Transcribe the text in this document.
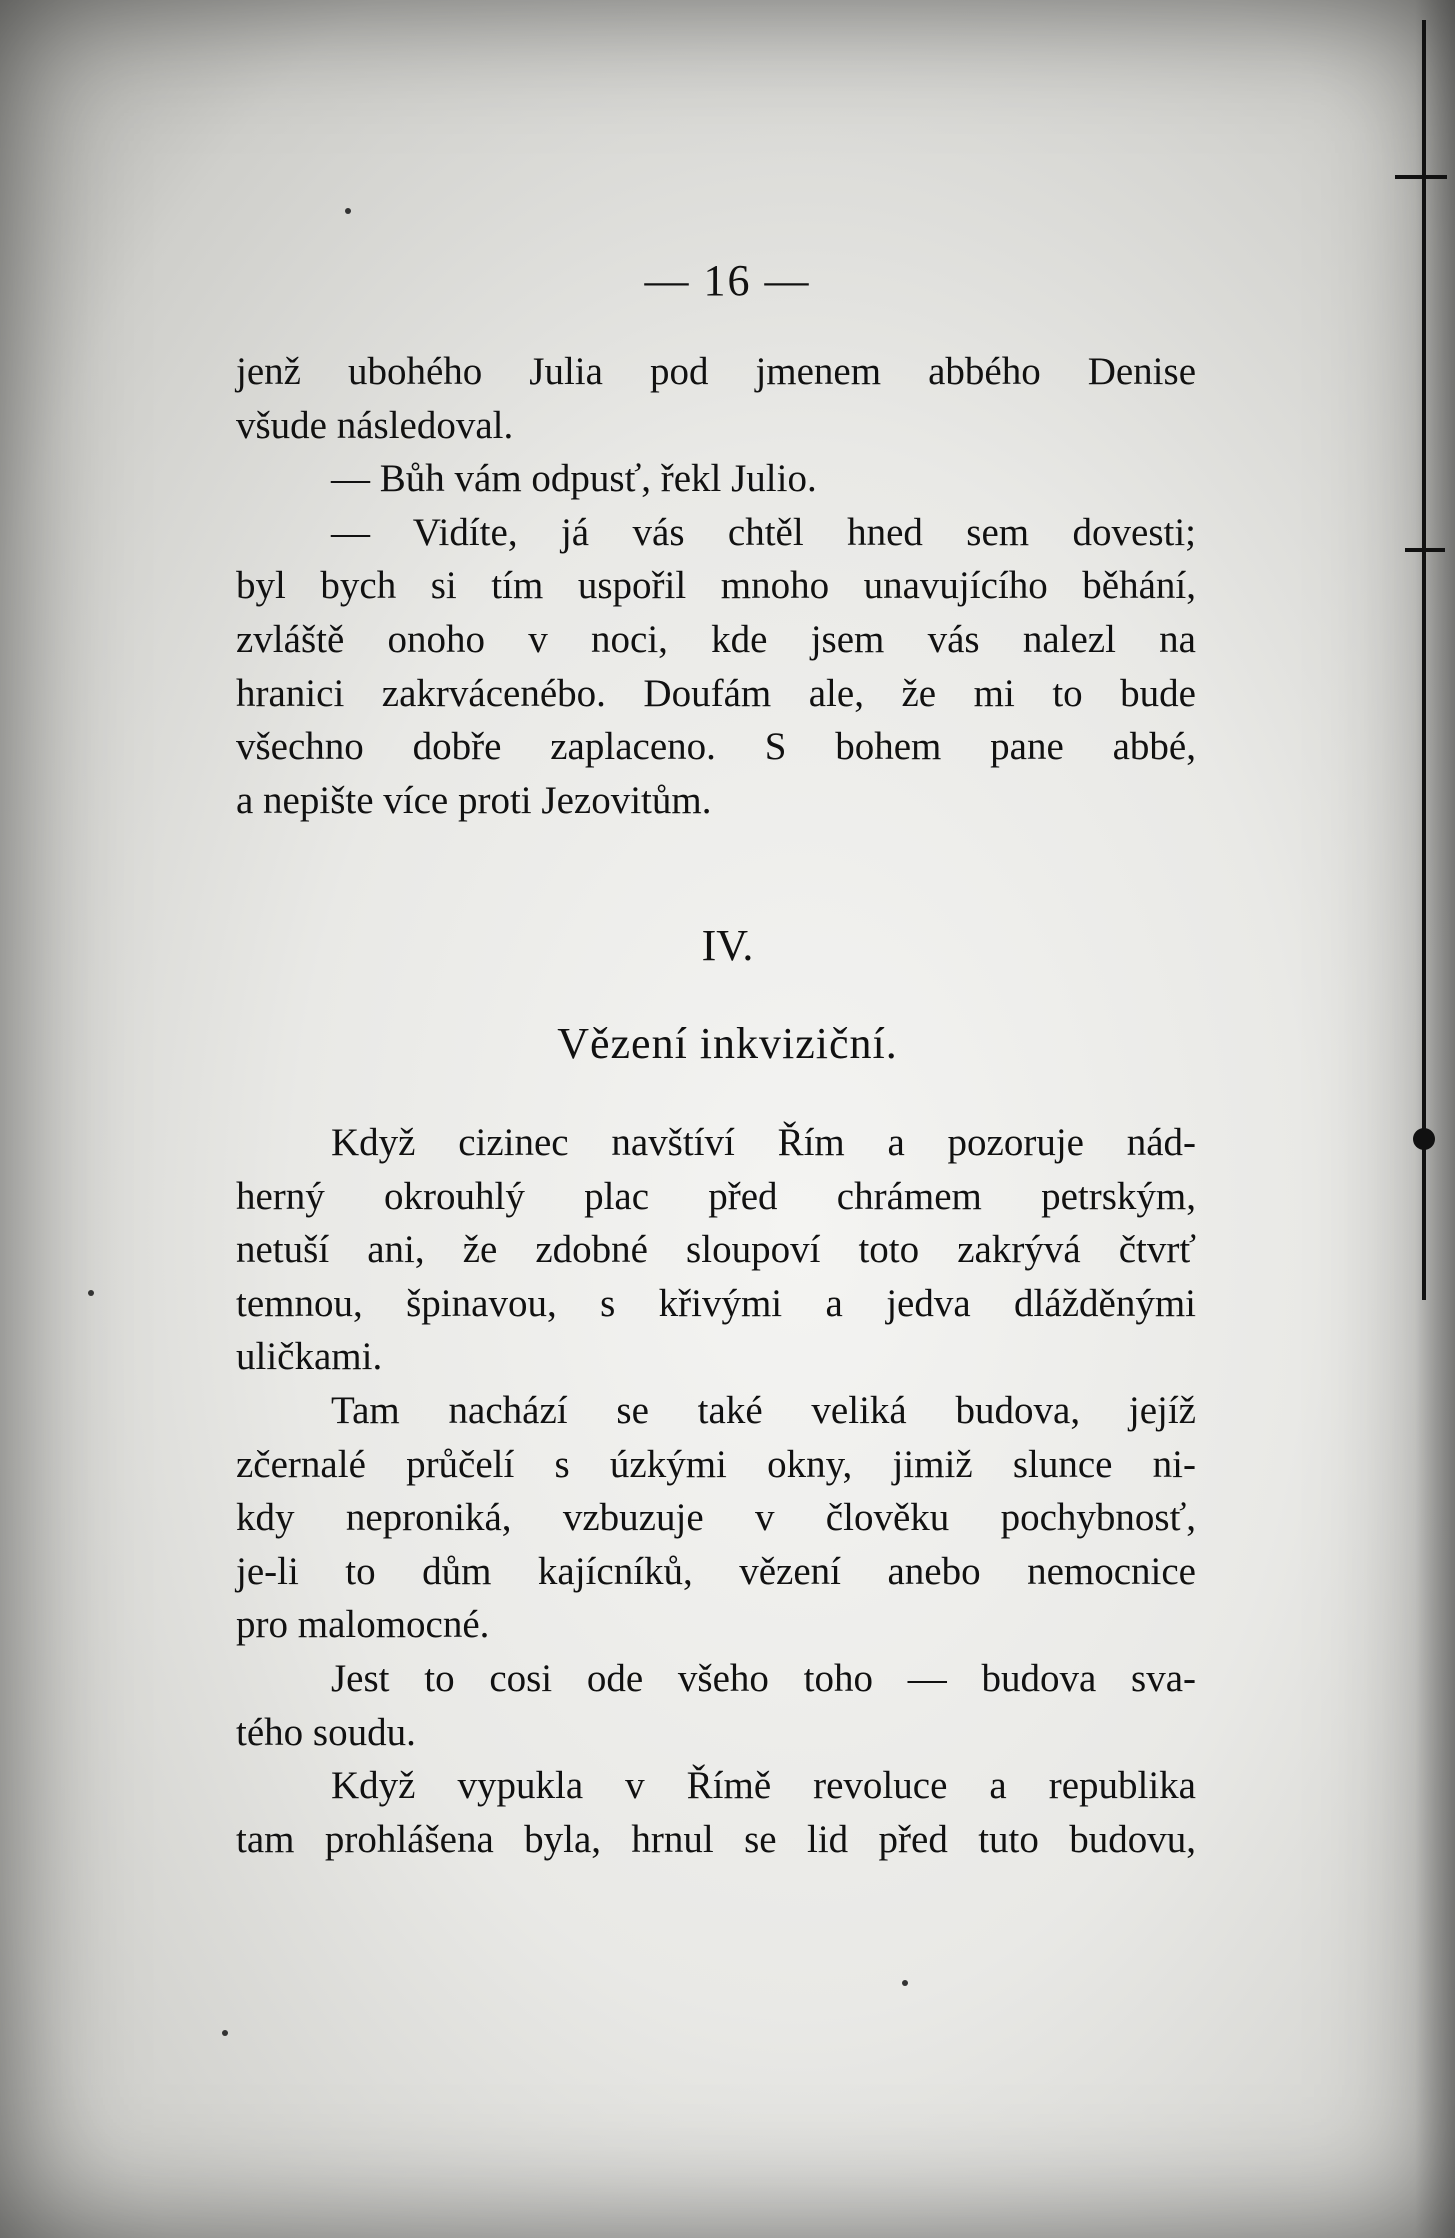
— 16 —
jenž ubohého Julia pod jmenem abbého Denise
všude následoval.
— Bůh vám odpusť, řekl Julio.
— Vidíte, já vás chtěl hned sem dovesti;
byl bych si tím uspořil mnoho unavujícího běhání,
zvláště onoho v noci, kde jsem vás nalezl na
hranici zakrvácenébo. Doufám ale, že mi to bude
všechno dobře zaplaceno. S bohem pane abbé,
a nepište více proti Jezovitům.
IV.
Vězení inkviziční.
Když cizinec navštíví Řím a pozoruje nád-
herný okrouhlý plac před chrámem petrským,
netuší ani, že zdobné sloupoví toto zakrývá čtvrť
temnou, špinavou, s křivými a jedva dlážděnými
uličkami.
Tam nachází se také veliká budova, jejíž
zčernalé průčelí s úzkými okny, jimiž slunce ni-
kdy neproniká, vzbuzuje v člověku pochybnosť,
je-li to dům kajícníků, vězení anebo nemocnice
pro malomocné.
Jest to cosi ode všeho toho — budova sva-
tého soudu.
Když vypukla v Římě revoluce a republika
tam prohlášena byla, hrnul se lid před tuto budovu,
